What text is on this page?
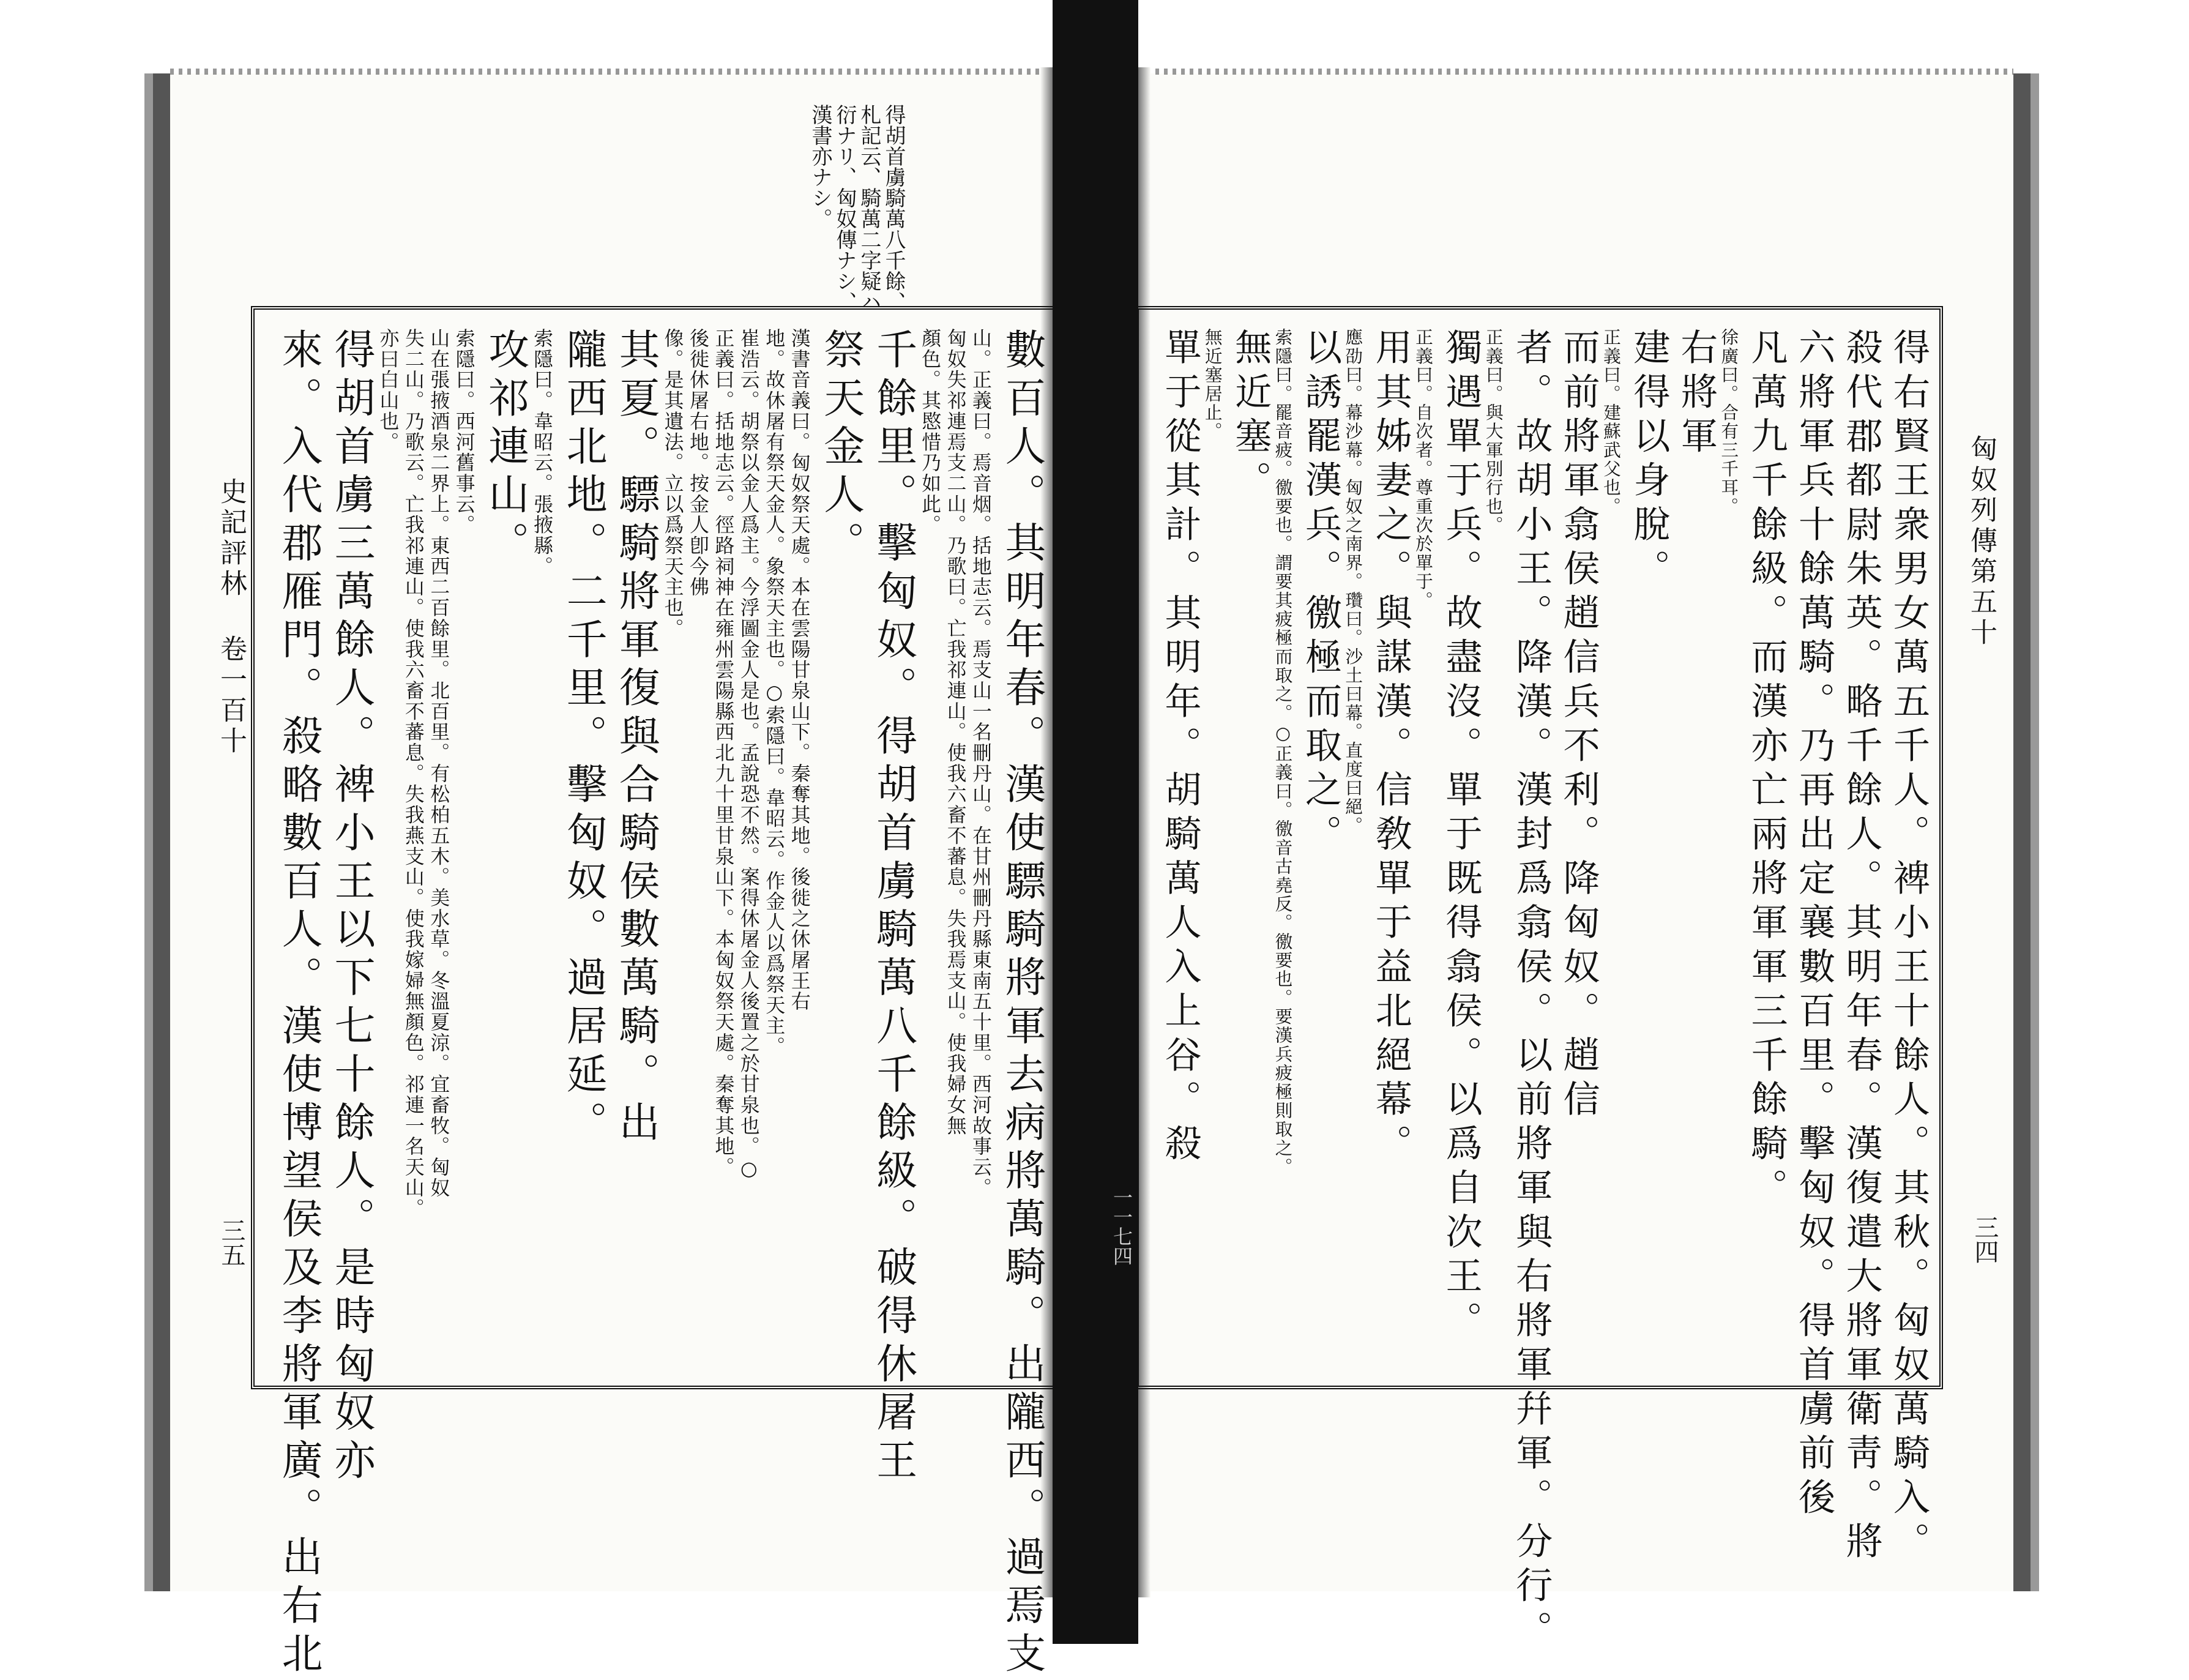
得胡首虜騎萬八千餘、札記云、騎萬二字疑ハ衍ナリ、匈奴傳ナシ、漢書亦ナシ。
數百人。其明年春。漢使驃騎將軍去病將萬騎。出隴西。過焉支
山。正義曰。焉音烟。括地志云。焉支山一名刪丹山。在甘州刪丹縣東南五十里。西河故事云。
匈奴失祁連焉支二山。乃歌曰。亡我祁連山。使我六畜不蕃息。失我焉支山。使我婦女無
顏色。其愍惜乃如此。
千餘里。擊匈奴。得胡首虜騎萬八千餘級。破得休屠王
祭天金人。
漢書音義曰。匈奴祭天處。本在雲陽甘泉山下。秦奪其地。後徙之休屠王右
地。故休屠有祭天金人。象祭天主也。○索隱曰。韋昭云。作金人以爲祭天主。
崔浩云。胡祭以金人爲主。今浮圖金人是也。孟說恐不然。案得休屠金人後置之於甘泉也。○
正義曰。括地志云。徑路祠神在雍州雲陽縣西北九十里甘泉山下。本匈奴祭天處。秦奪其地。
後徙休屠右地。按金人卽今佛
像。是其遺法。立以爲祭天主也。
其夏。驃騎將軍復與合騎侯數萬騎。出
隴西北地。二千里。擊匈奴。過居延。
索隱曰。韋昭云。張掖縣。
攻祁連山。
索隱曰。西河舊事云。
山在張掖酒泉二界上。東西二百餘里。北百里。有松柏五木。美水草。冬溫夏涼。宜畜牧。匈奴
失二山。乃歌云。亡我祁連山。使我六畜不蕃息。失我燕支山。使我嫁婦無顏色。祁連一名天山。
亦曰白山也。
得胡首虜三萬餘人。裨小王以下七十餘人。是時匈奴亦
來。入代郡雁門。殺略數百人。漢使博望侯及李將軍廣。出右北	得右賢王衆男女萬五千人。裨小王十餘人。其秋。匈奴萬騎入。
殺代郡都尉朱英。略千餘人。其明年春。漢復遣大將軍衛靑。將
六將軍兵十餘萬騎。乃再出定襄數百里。擊匈奴。得首虜前後
凡萬九千餘級。而漢亦亡兩將軍軍三千餘騎。
徐廣曰。合有三千耳。
右將軍
建得以身脫。
正義曰。建蘇武父也。
而前將軍翕侯趙信兵不利。降匈奴。趙信
者。故胡小王。降漢。漢封爲翕侯。以前將軍與右將軍幷軍。分行。
正義曰。與大軍別行也。
獨遇單于兵。故盡沒。單于既得翕侯。以爲自次王。
正義曰。自次者。尊重次於單于。
用其姊妻之。與謀漢。信敎單于益北絕幕。
應劭曰。幕沙幕。匈奴之南界。瓚曰。沙土曰幕。直度曰絕。
以誘罷漢兵。徼極而取之。
索隱曰。罷音疲。徼要也。謂要其疲極而取之。○正義曰。徼音古堯反。徼要也。要漢兵疲極則取之。
無近塞。
無近塞居止。
單于從其計。其明年。胡騎萬人入上谷。殺
史記評林 卷一百十
三五
匈奴列傳第五十
三四
一一七四
